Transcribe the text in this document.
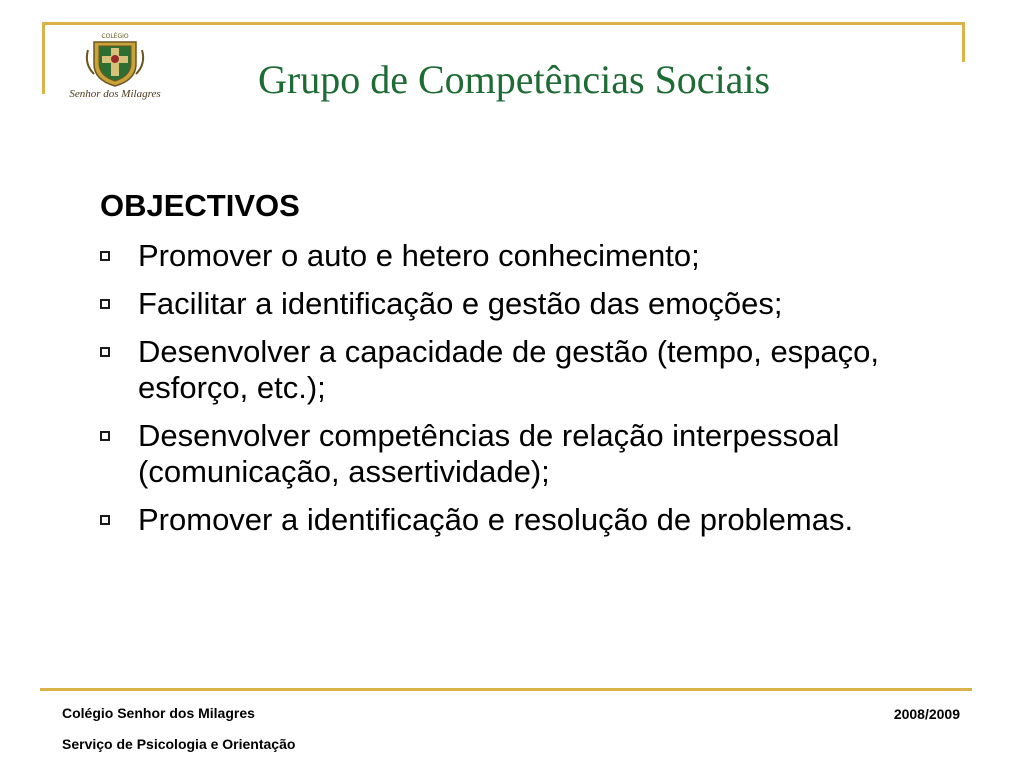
COLÉGIO
Senhor dos Milagres	Grupo de Competências Sociais
OBJECTIVOS
Promover o auto e hetero conhecimento;
Facilitar a identificação e gestão das emoções;
Desenvolver a capacidade de gestão (tempo, espaço, esforço, etc.);
Desenvolver competências de relação interpessoal (comunicação, assertividade);
Promover a identificação e resolução de problemas.
Colégio Senhor dos Milagres
Serviço de Psicologia e Orientação
2008/2009
